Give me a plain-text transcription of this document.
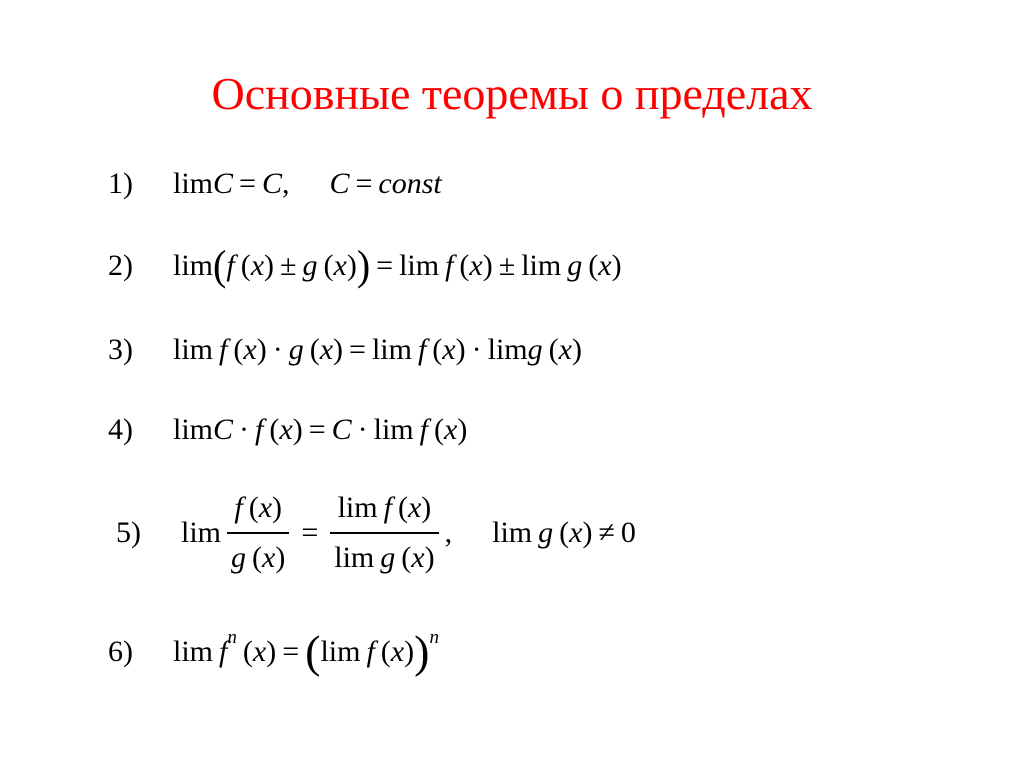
Основные теоремы о пределах
1) lim C = C , C = const
2) lim ( f ( x ) ± g ( x ) ) = lim f ( x ) ± lim g ( x )
3) lim f ( x ) · g ( x ) = lim f ( x ) · lim g ( x )
4) lim C · f ( x ) = C · lim f ( x )
5) $\lim \frac{f (x)}{g (x)} = \frac{\text{lim f (x)}}{\text{lim g (x)}}$ , lim g ( x ) ≠ 0
6) lim f n ( x ) = ( lim f ( x ) ) n
